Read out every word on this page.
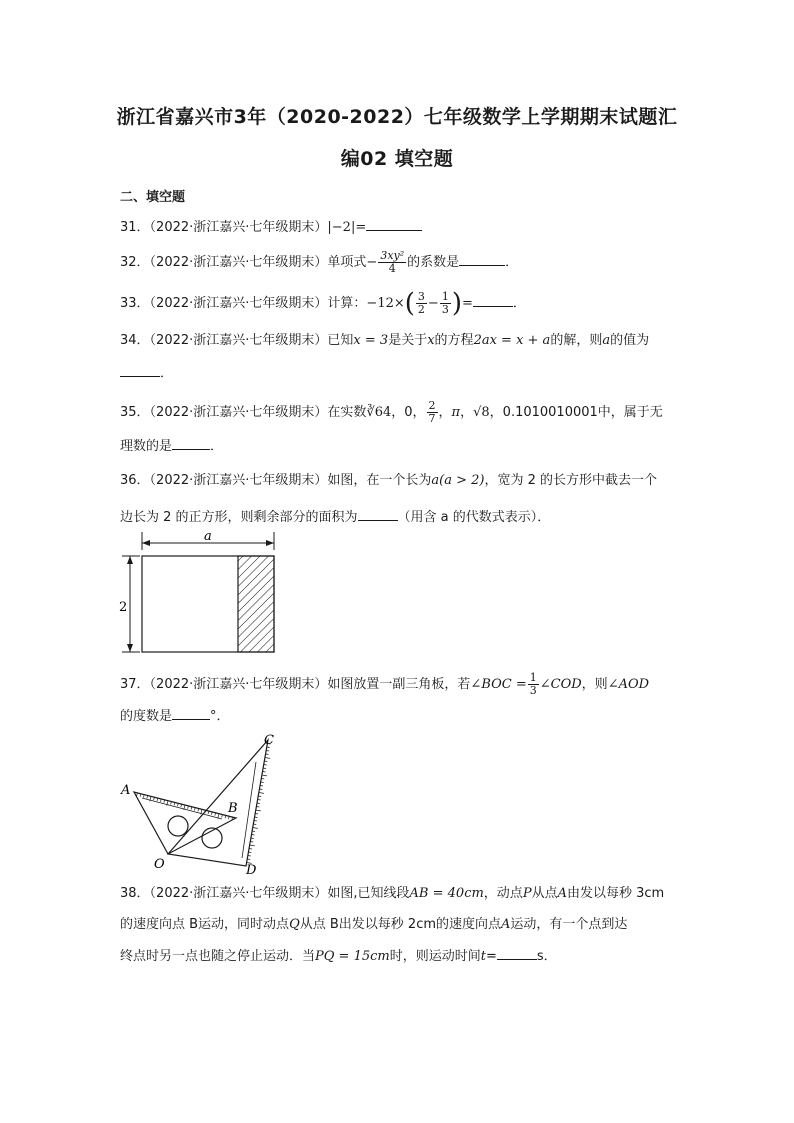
浙江省嘉兴市3年（2020-2022）七年级数学上学期期末试题汇
编02 填空题
二、填空题
31．（2022·浙江嘉兴·七年级期末）|−2|=
32．（2022·浙江嘉兴·七年级期末）单项式− $\frac{\text{3xy²}}{4}$ 的系数是	．
33．（2022·浙江嘉兴·七年级期末）计算：$-12\times( \frac{3}{2} - \frac{1}{3}$ )=	．
34．（2022·浙江嘉兴·七年级期末）已知x = 3是关于x的方程2ax = x + a的解，则a的值为
．
35．（2022·浙江嘉兴·七年级期末）在实数∛64，0， $\frac{2}{7}$ ，π，√8，0.1010010001中，属于无
理数的是	．
36．（2022·浙江嘉兴·七年级期末）如图，在一个长为a(a > 2)，宽为 2 的长方形中截去一个
边长为 2 的正方形，则剩余部分的面积为	（用含 a 的代数式表示）．
a
2
37．（2022·浙江嘉兴·七年级期末）如图放置一副三角板，若∠BOC = $\frac{1}{3}$ ∠COD，则∠AOD
的度数是	°．
A
B
C
D
O
38．（2022·浙江嘉兴·七年级期末）如图,已知线段AB = 40cm，动点P从点A由发以每秒 3cm
的速度向点 B运动，同时动点Q从点 B出发以每秒 2cm的速度向点A运动，有一个点到达
终点时另一点也随之停止运动．当PQ = 15cm时，则运动时间t=	s．
